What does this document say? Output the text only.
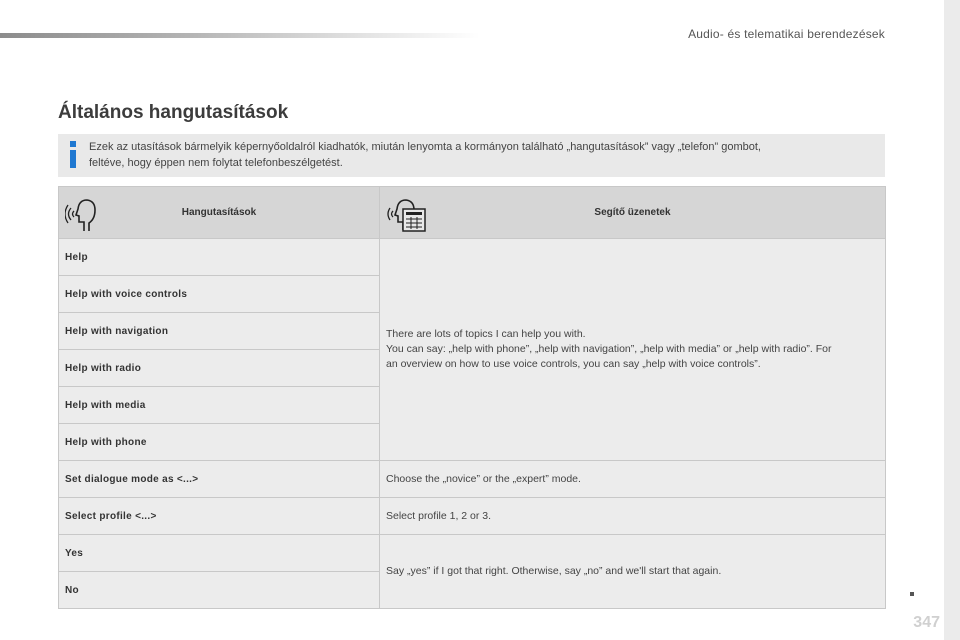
Audio- és telematikai berendezések
Általános hangutasítások
Ezek az utasítások bármelyik képernyőoldalról kiadhatók, miután lenyomta a kormányon található „hangutasítások” vagy „telefon” gombot,
feltéve, hogy éppen nem folytat telefonbeszélgetést.
Hangutasítások	Segítő üzenetek

Help	There are lots of topics I can help you with.
You can say: „help with phone”, „help with navigation”, „help with media” or „help with radio”. For an overview on how to use voice controls, you can say „help with voice controls”.
Help with voice controls	
Help with navigation	
Help with radio	
Help with media	
Help with phone	
Set dialogue mode as <...>	Choose the „novice” or the „expert” mode.
Select profile <...>	Select profile 1, 2 or 3.
Yes	Say „yes” if I got that right. Otherwise, say „no” and we'll start that again.
No	
347
